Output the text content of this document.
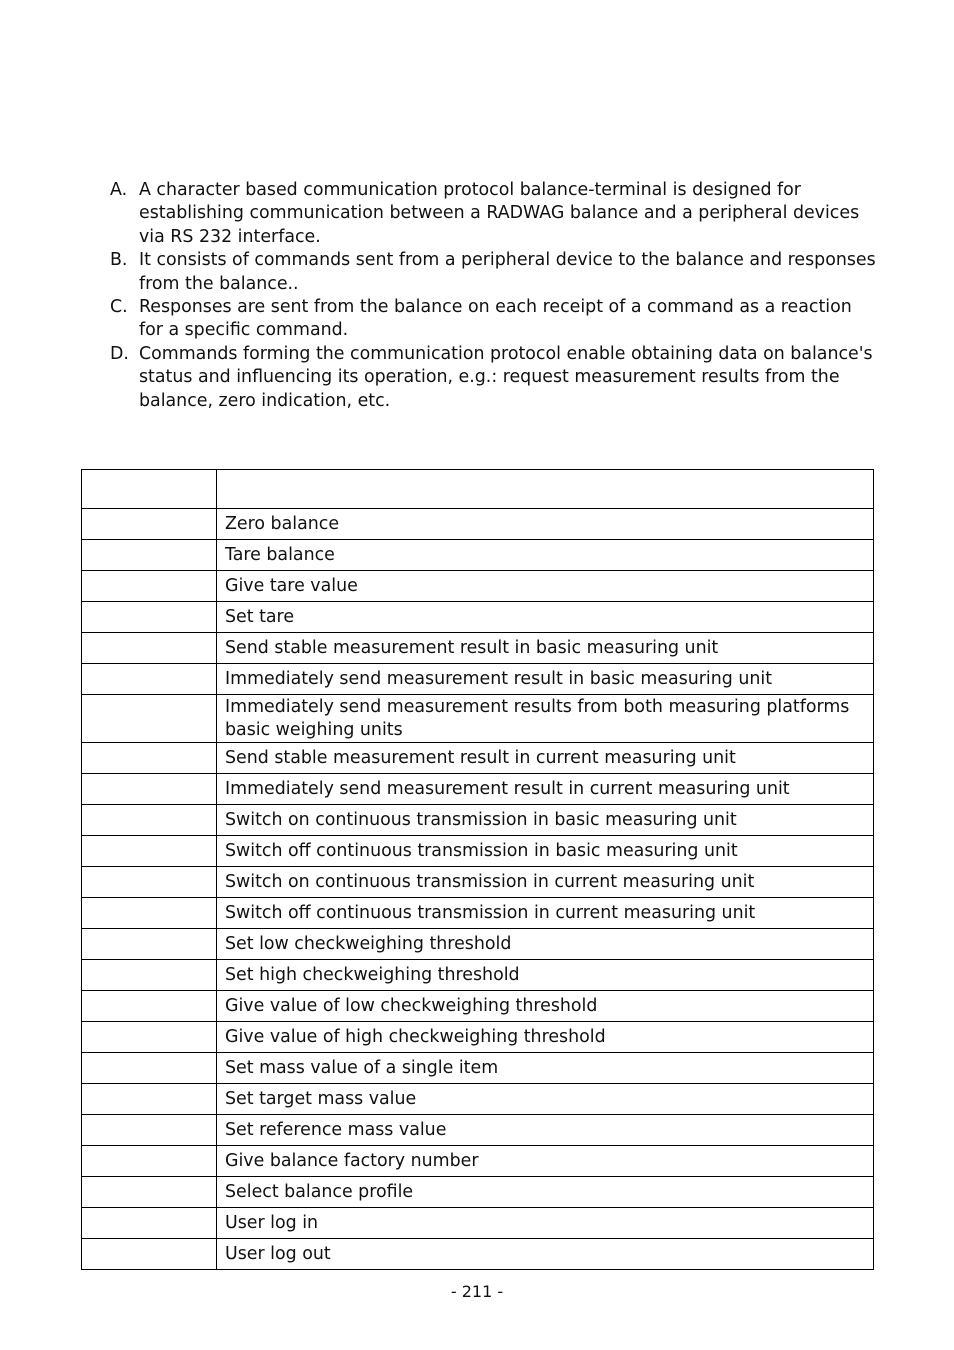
A. A character based communication protocol balance-terminal is designed for establishing communication between a RADWAG balance and a peripheral devices via RS 232 interface.
B. It consists of commands sent from a peripheral device to the balance and responses from the balance..
C. Responses are sent from the balance on each receipt of a command as a reaction for a specific command.
D. Commands forming the communication protocol enable obtaining data on balance's status and influencing its operation, e.g.: request measurement results from the balance, zero indication, etc.

	Zero balance
	Tare balance
	Give tare value
	Set tare
	Send stable measurement result in basic measuring unit
	Immediately send measurement result in basic measuring unit
	Immediately send measurement results from both measuring platforms basic weighing units
	Send stable measurement result in current measuring unit
	Immediately send measurement result in current measuring unit
	Switch on continuous transmission in basic measuring unit
	Switch off continuous transmission in basic measuring unit
	Switch on continuous transmission in current measuring unit
	Switch off continuous transmission in current measuring unit
	Set low checkweighing threshold
	Set high checkweighing threshold
	Give value of low checkweighing threshold
	Give value of high checkweighing threshold
	Set mass value of a single item
	Set target mass value
	Set reference mass value
	Give balance factory number
	Select balance profile
	User log in
	User log out
- 211 -
